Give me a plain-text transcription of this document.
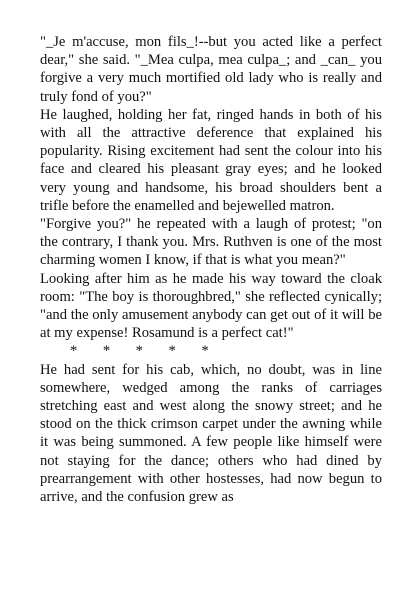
"_Je m'accuse, mon fils_!--but you acted like a perfect dear," she said. "_Mea culpa, mea culpa_; and _can_ you forgive a very much mortified old lady who is really and truly fond of you?"

He laughed, holding her fat, ringed hands in both of his with all the attractive deference that explained his popularity. Rising excitement had sent the colour into his face and cleared his pleasant gray eyes; and he looked very young and handsome, his broad shoulders bent a trifle before the enamelled and bejewelled matron.

"Forgive you?" he repeated with a laugh of protest; "on the contrary, I thank you. Mrs. Ruthven is one of the most charming women I know, if that is what you mean?"

Looking after him as he made his way toward the cloak room: "The boy is thoroughbred," she reflected cynically; "and the only amusement anybody can get out of it will be at my expense! Rosamund is a perfect cat!"

*       *       *       *       *

He had sent for his cab, which, no doubt, was in line somewhere, wedged among the ranks of carriages stretching east and west along the snowy street; and he stood on the thick crimson carpet under the awning while it was being summoned. A few people like himself were not staying for the dance; others who had dined by prearrangement with other hostesses, had now begun to arrive, and the confusion grew as
